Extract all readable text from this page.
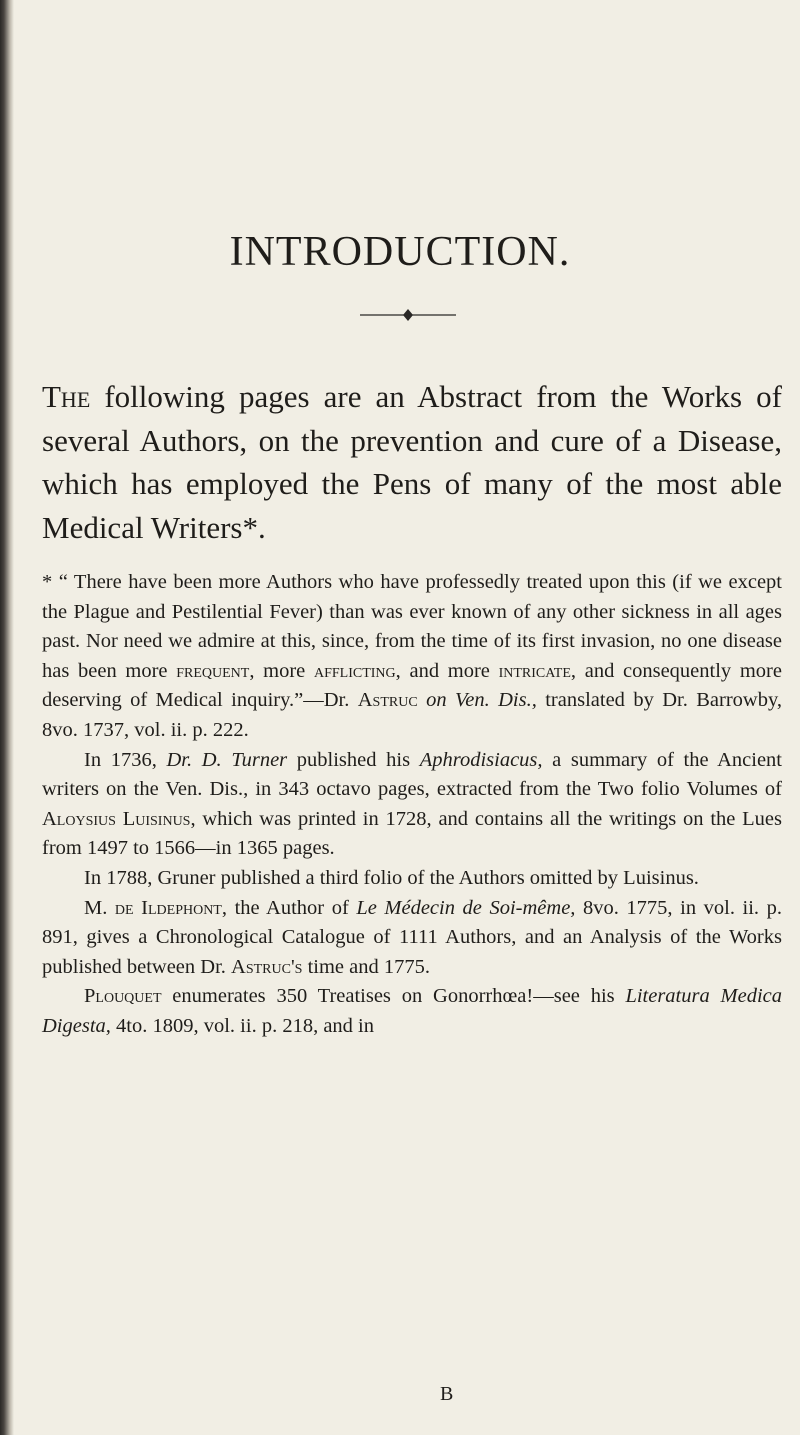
INTRODUCTION.

The following pages are an Abstract from the Works of several Authors, on the prevention and cure of a Disease, which has employed the Pens of many of the most able Medical Writers*.

* “ There have been more Authors who have professedly treated upon this (if we except the Plague and Pestilential Fever) than was ever known of any other sickness in all ages past. Nor need we admire at this, since, from the time of its first invasion, no one disease has been more frequent, more afflicting, and more intricate, and consequently more deserving of Medical inquiry.”—Dr. Astruc on Ven. Dis., translated by Dr. Barrowby, 8vo. 1737, vol. ii. p. 222.

In 1736, Dr. D. Turner published his Aphrodisiacus, a summary of the Ancient writers on the Ven. Dis., in 343 octavo pages, extracted from the Two folio Volumes of Aloysius Luisinus, which was printed in 1728, and contains all the writings on the Lues from 1497 to 1566—in 1365 pages.

In 1788, Gruner published a third folio of the Authors omitted by Luisinus.

M. de Ildephont, the Author of Le Médecin de Soi-même, 8vo. 1775, in vol. ii. p. 891, gives a Chronological Catalogue of 1111 Authors, and an Analysis of the Works published between Dr. Astruc's time and 1775.

Plouquet enumerates 350 Treatises on Gonorrhœa!—see his Literatura Medica Digesta, 4to. 1809, vol. ii. p. 218, and in

B
